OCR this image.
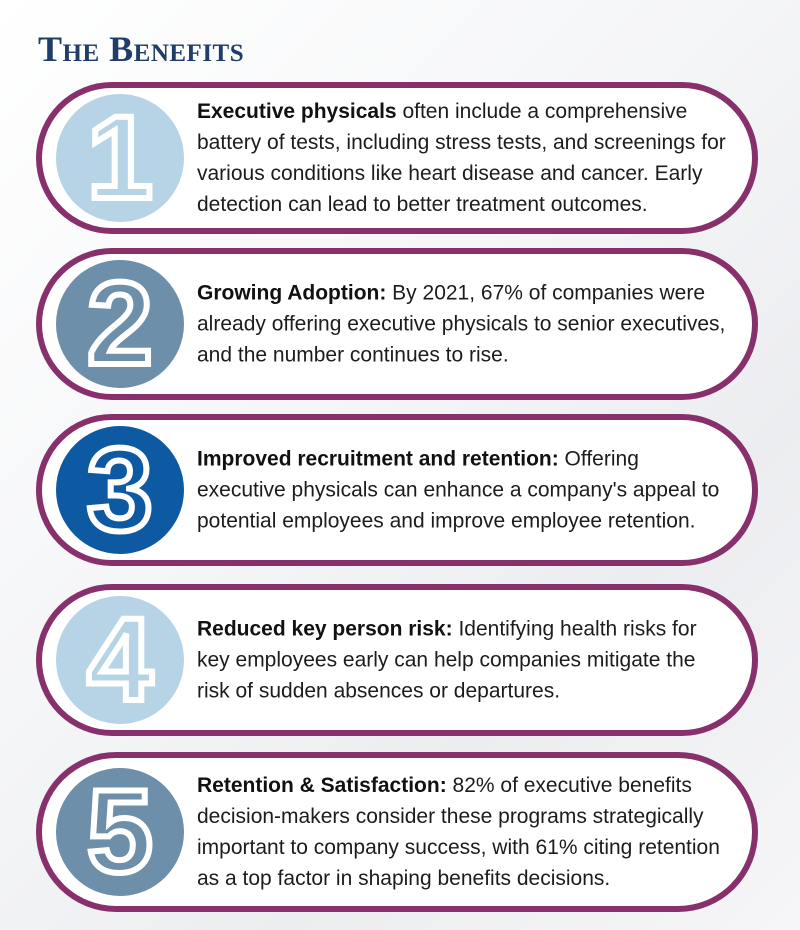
The Benefits
1 Executive physicals often include a comprehensive battery of tests, including stress tests, and screenings for various conditions like heart disease and cancer. Early detection can lead to better treatment outcomes.

2 Growing Adoption: By 2021, 67% of companies were already offering executive physicals to senior executives, and the number continues to rise.

3 Improved recruitment and retention: Offering executive physicals can enhance a company's appeal to potential employees and improve employee retention.

4 Reduced key person risk: Identifying health risks for key employees early can help companies mitigate the risk of sudden absences or departures.

5 Retention & Satisfaction: 82% of executive benefits decision-makers consider these programs strategically important to company success, with 61% citing retention as a top factor in shaping benefits decisions.
